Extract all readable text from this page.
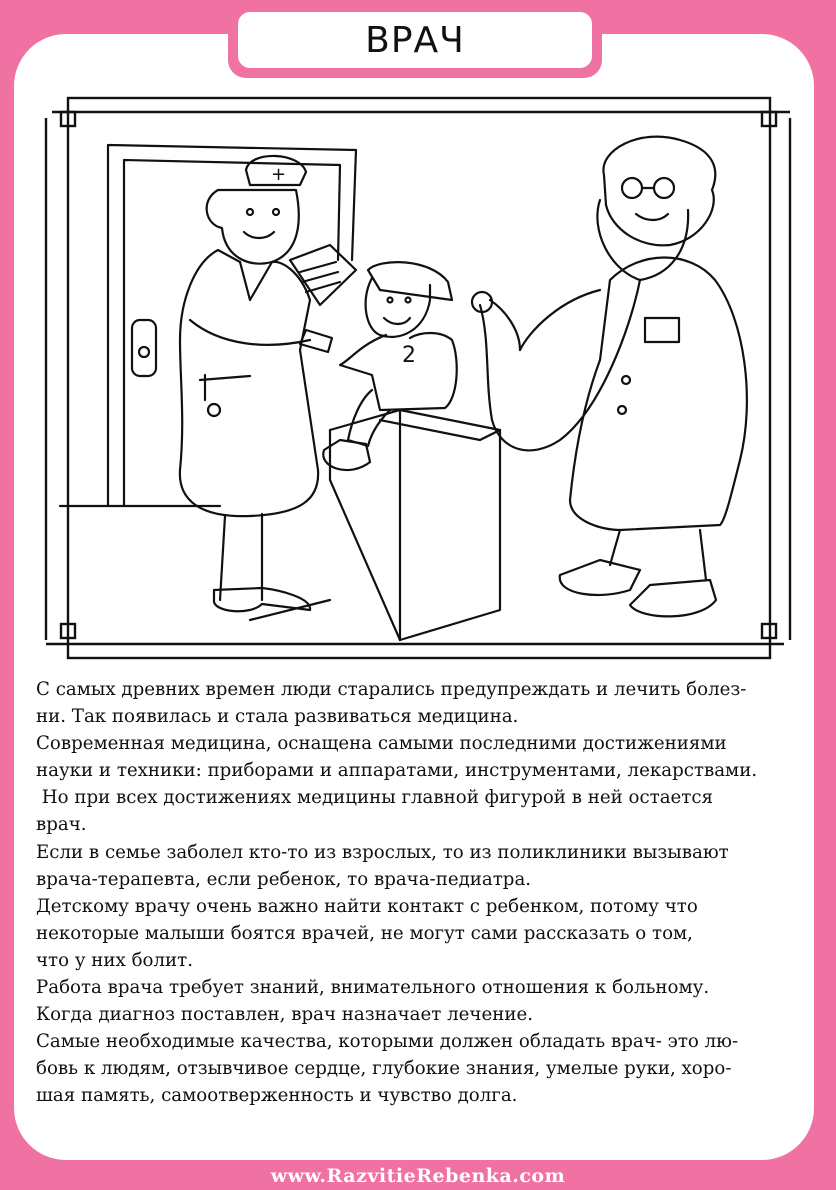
ВРАЧ
+
2
С самых древних времен люди старались предупреждать и лечить болез-
ни. Так появилась и стала развиваться медицина.
Современная медицина, оснащена самыми последними достижениями
науки и техники: приборами и аппаратами, инструментами, лекарствами.
Но при всех достижениях медицины главной фигурой в ней остается
врач.
Если в семье заболел кто-то из взрослых, то из поликлиники вызывают
врача-терапевта, если ребенок, то врача-педиатра.
Детскому врачу очень важно найти контакт с ребенком, потому что
некоторые малыши боятся врачей, не могут сами рассказать о том,
что у них болит.
Работа врача требует знаний, внимательного отношения к больному.
Когда диагноз поставлен, врач назначает лечение.
Самые необходимые качества, которыми должен обладать врач- это лю-
бовь к людям, отзывчивое сердце, глубокие знания, умелые руки, хоро-
шая память, самоотверженность и чувство долга.
www.RazvitieRebenka.com
